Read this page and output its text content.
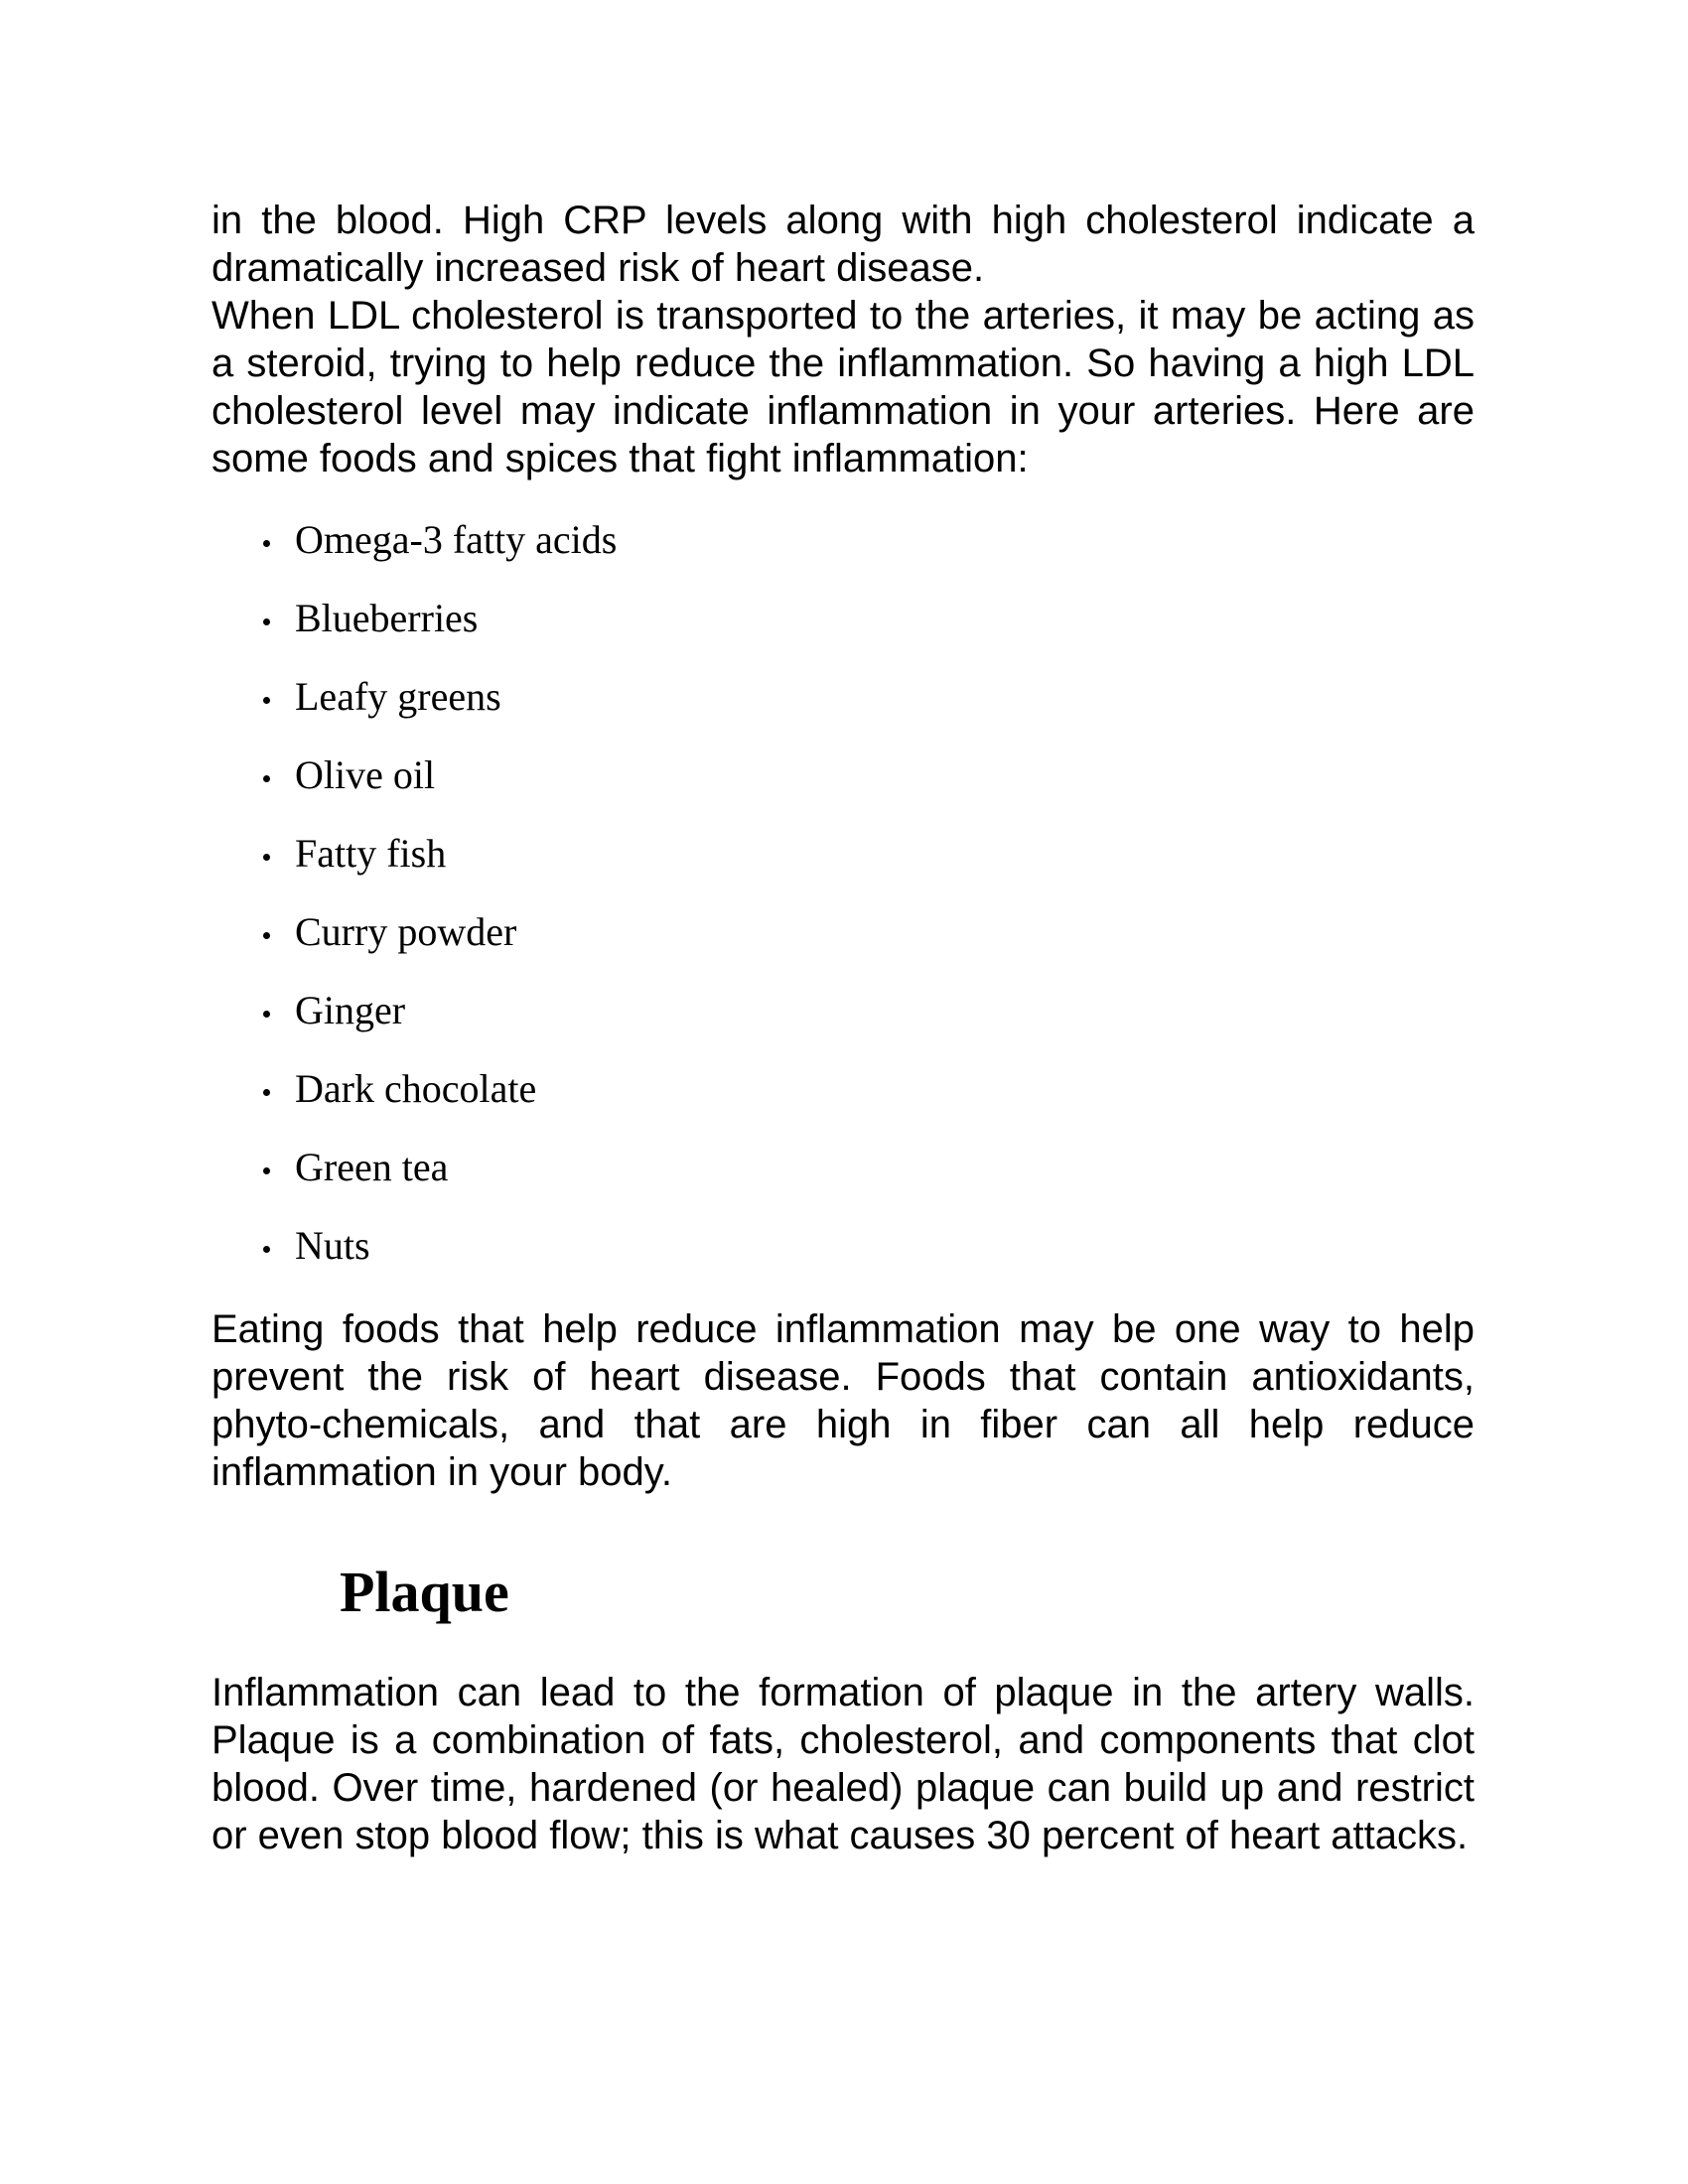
in the blood. High CRP levels along with high cholesterol indicate a dramatically increased risk of heart disease.

When LDL cholesterol is transported to the arteries, it may be acting as a steroid, trying to help reduce the inflammation. So having a high LDL cholesterol level may indicate inflammation in your arteries. Here are some foods and spices that fight inflammation:

Omega-3 fatty acids
Blueberries
Leafy greens
Olive oil
Fatty fish
Curry powder
Ginger
Dark chocolate
Green tea
Nuts

Eating foods that help reduce inflammation may be one way to help prevent the risk of heart disease. Foods that contain antioxidants, phyto-chemicals, and that are high in fiber can all help reduce inflammation in your body.

Plaque

Inflammation can lead to the formation of plaque in the artery walls. Plaque is a combination of fats, cholesterol, and components that clot blood. Over time, hardened (or healed) plaque can build up and restrict or even stop blood flow; this is what causes 30 percent of heart attacks.
